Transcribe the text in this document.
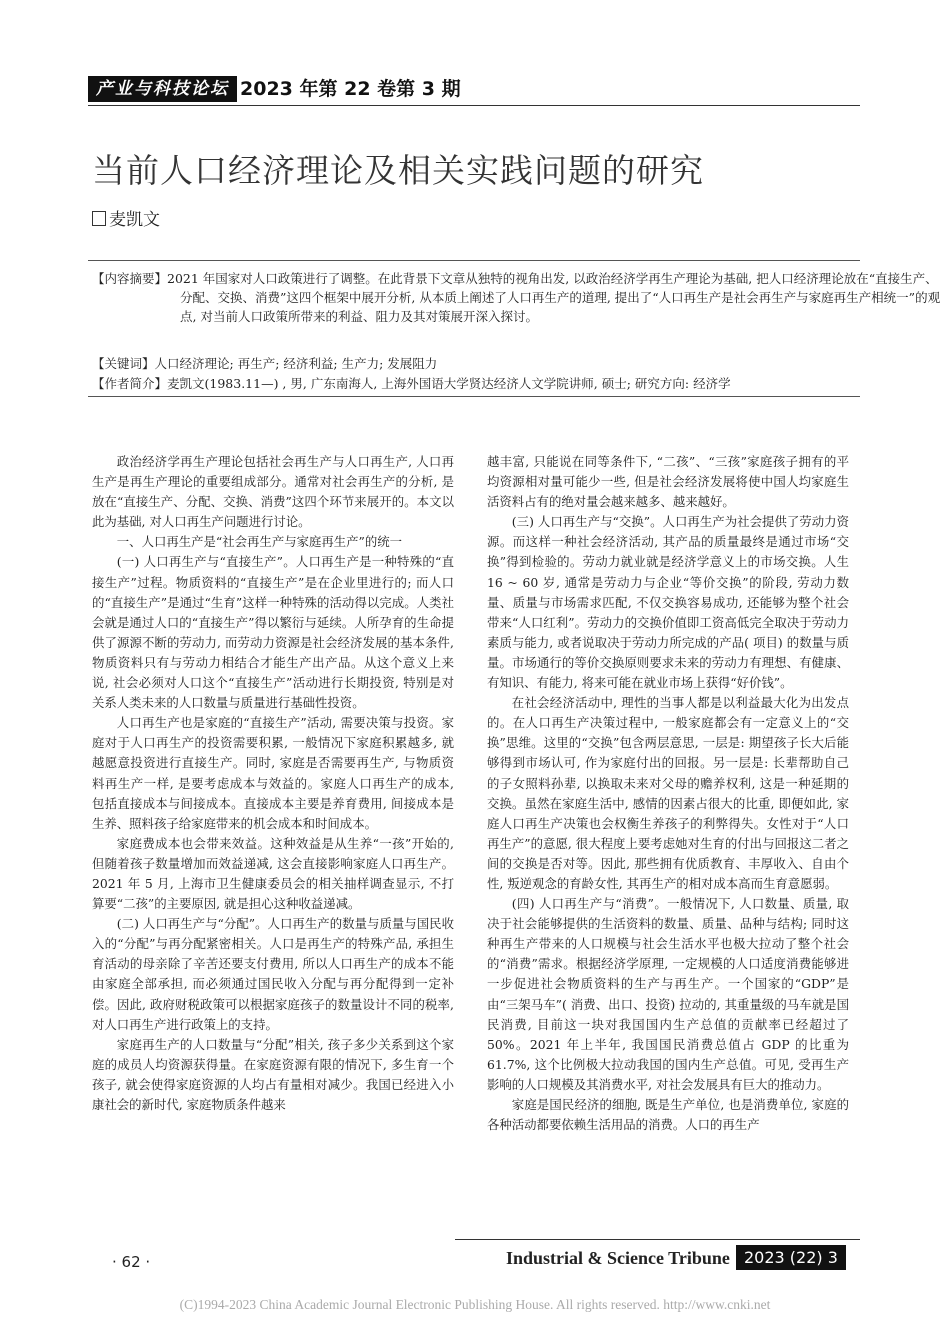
产业与科技论坛 2023 年第 22 卷第 3 期
当前人口经济理论及相关实践问题的研究
麦凯文
【内容摘要】2021 年国家对人口政策进行了调整。在此背景下文章从独特的视角出发, 以政治经济学再生产理论为基础, 把人口经济理论放在“直接生产、分配、交换、消费”这四个框架中展开分析, 从本质上阐述了人口再生产的道理, 提出了“人口再生产是社会再生产与家庭再生产相统一”的观点, 对当前人口政策所带来的利益、阻力及其对策展开深入探讨。
【关键词】人口经济理论; 再生产; 经济利益; 生产力; 发展阻力
【作者简介】麦凯文(1983.11—) , 男, 广东南海人, 上海外国语大学贤达经济人文学院讲师, 硕士; 研究方向: 经济学

政治经济学再生产理论包括社会再生产与人口再生产, 人口再生产是再生产理论的重要组成部分。通常对社会再生产的分析, 是放在“直接生产、分配、交换、消费”这四个环节来展开的。本文以此为基础, 对人口再生产问题进行讨论。

一、人口再生产是“社会再生产与家庭再生产”的统一

(一) 人口再生产与“直接生产”。人口再生产是一种特殊的“直接生产”过程。物质资料的“直接生产”是在企业里进行的; 而人口的“直接生产”是通过“生育”这样一种特殊的活动得以完成。人类社会就是通过人口的“直接生产”得以繁衍与延续。人所孕育的生命提供了源源不断的劳动力, 而劳动力资源是社会经济发展的基本条件, 物质资料只有与劳动力相结合才能生产出产品。从这个意义上来说, 社会必须对人口这个“直接生产”活动进行长期投资, 特别是对关系人类未来的人口数量与质量进行基础性投资。

人口再生产也是家庭的“直接生产”活动, 需要决策与投资。家庭对于人口再生产的投资需要积累, 一般情况下家庭积累越多, 就越愿意投资进行直接生产。同时, 家庭是否需要再生产, 与物质资料再生产一样, 是要考虑成本与效益的。家庭人口再生产的成本, 包括直接成本与间接成本。直接成本主要是养育费用, 间接成本是生养、照料孩子给家庭带来的机会成本和时间成本。

家庭费成本也会带来效益。这种效益是从生养“一孩”开始的, 但随着孩子数量增加而效益递减, 这会直接影响家庭人口再生产。2021 年 5 月, 上海市卫生健康委员会的相关抽样调查显示, 不打算要“二孩”的主要原因, 就是担心这种收益递减。

(二) 人口再生产与“分配”。人口再生产的数量与质量与国民收入的“分配”与再分配紧密相关。人口是再生产的特殊产品, 承担生育活动的母亲除了辛苦还要支付费用, 所以人口再生产的成本不能由家庭全部承担, 而必须通过国民收入分配与再分配得到一定补偿。因此, 政府财税政策可以根据家庭孩子的数量设计不同的税率, 对人口再生产进行政策上的支持。

家庭再生产的人口数量与“分配”相关, 孩子多少关系到这个家庭的成员人均资源获得量。在家庭资源有限的情况下, 多生育一个孩子, 就会使得家庭资源的人均占有量相对减少。我国已经进入小康社会的新时代, 家庭物质条件越来

越丰富, 只能说在同等条件下, “二孩”、“三孩”家庭孩子拥有的平均资源相对量可能少一些, 但是社会经济发展将使中国人均家庭生活资料占有的绝对量会越来越多、越来越好。

(三) 人口再生产与“交换”。人口再生产为社会提供了劳动力资源。而这样一种社会经济活动, 其产品的质量最终是通过市场“交换”得到检验的。劳动力就业就是经济学意义上的市场交换。人生 16 ~ 60 岁, 通常是劳动力与企业“等价交换”的阶段, 劳动力数量、质量与市场需求匹配, 不仅交换容易成功, 还能够为整个社会带来“人口红利”。劳动力的交换价值即工资高低完全取决于劳动力素质与能力, 或者说取决于劳动力所完成的产品( 项目) 的数量与质量。市场通行的等价交换原则要求未来的劳动力有理想、有健康、有知识、有能力, 将来可能在就业市场上获得“好价钱”。

在社会经济活动中, 理性的当事人都是以利益最大化为出发点的。在人口再生产决策过程中, 一般家庭都会有一定意义上的“交换”思维。这里的“交换”包含两层意思, 一层是: 期望孩子长大后能够得到市场认可, 作为家庭付出的回报。另一层是: 长辈帮助自己的子女照料孙辈, 以换取未来对父母的赡养权利, 这是一种延期的交换。虽然在家庭生活中, 感情的因素占很大的比重, 即便如此, 家庭人口再生产决策也会权衡生养孩子的利弊得失。女性对于“人口再生产”的意愿, 很大程度上要考虑她对生育的付出与回报这二者之间的交换是否对等。因此, 那些拥有优质教育、丰厚收入、自由个性, 叛逆观念的育龄女性, 其再生产的相对成本高而生育意愿弱。

(四) 人口再生产与“消费”。一般情况下, 人口数量、质量, 取决于社会能够提供的生活资料的数量、质量、品种与结构; 同时这种再生产带来的人口规模与社会生活水平也极大拉动了整个社会的“消费”需求。根据经济学原理, 一定规模的人口适度消费能够进一步促进社会物质资料的生产与再生产。一个国家的“GDP”是由“三架马车”( 消费、出口、投资) 拉动的, 其重量级的马车就是国民消费, 目前这一块对我国国内生产总值的贡献率已经超过了 50%。2021 年上半年, 我国国民消费总值占 GDP 的比重为 61.7%, 这个比例极大拉动我国的国内生产总值。可见, 受再生产影响的人口规模及其消费水平, 对社会发展具有巨大的推动力。

家庭是国民经济的细胞, 既是生产单位, 也是消费单位, 家庭的各种活动都要依赖生活用品的消费。人口的再生产

· 62 ·	Industrial & Science Tribune 2023 (22) 3
(C)1994-2023 China Academic Journal Electronic Publishing House. All rights reserved. http://www.cnki.net
